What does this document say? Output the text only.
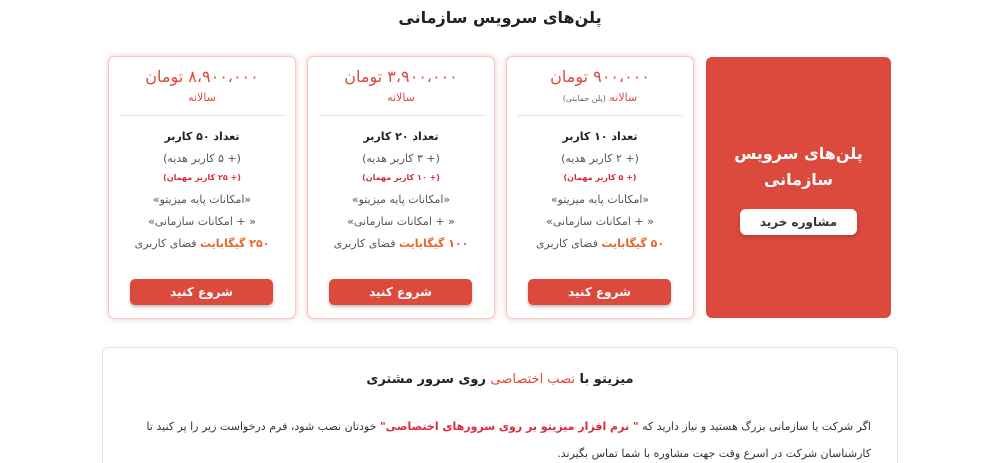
پلن‌های سرویس سازمانی
پلن‌های سرویس سازمانی
مشاوره خرید
۹۰۰،۰۰۰ تومان
سالانه (پلن حمایتی)
تعداد ۱۰ کاربر
(+ ۲ کاربر هدیه)
(+ ۵ کاربر مهمان)
«امکانات پایه میزیتو»
« + امکانات سازمانی»
۵۰ گیگابایت فضای کاربری
شروع کنید
۳،۹۰۰،۰۰۰ تومان
سالانه
تعداد ۲۰ کاربر
(+ ۳ کاربر هدیه)
(+ ۱۰ کاربر مهمان)
«امکانات پایه میزیتو»
« + امکانات سازمانی»
۱۰۰ گیگابایت فضای کاربری
شروع کنید
۸،۹۰۰،۰۰۰ تومان
سالانه
تعداد ۵۰ کاربر
(+ ۵ کاربر هدیه)
(+ ۲۵ کاربر مهمان)
«امکانات پایه میزیتو»
« + امکانات سازمانی»
۲۵۰ گیگابایت فضای کاربری
شروع کنید
میزیتو با نصب اختصاصی روی سرور مشتری
اگر شرکت یا سازمانی بزرگ هستید و نیاز دارید که " نرم افزار میزیتو بر روی سرورهای اختصاصی" خودتان نصب شود، فرم درخواست زیر را پر کنید تا کارشناسان شرکت در اسرع وقت جهت مشاوره با شما تماس بگیرند.
